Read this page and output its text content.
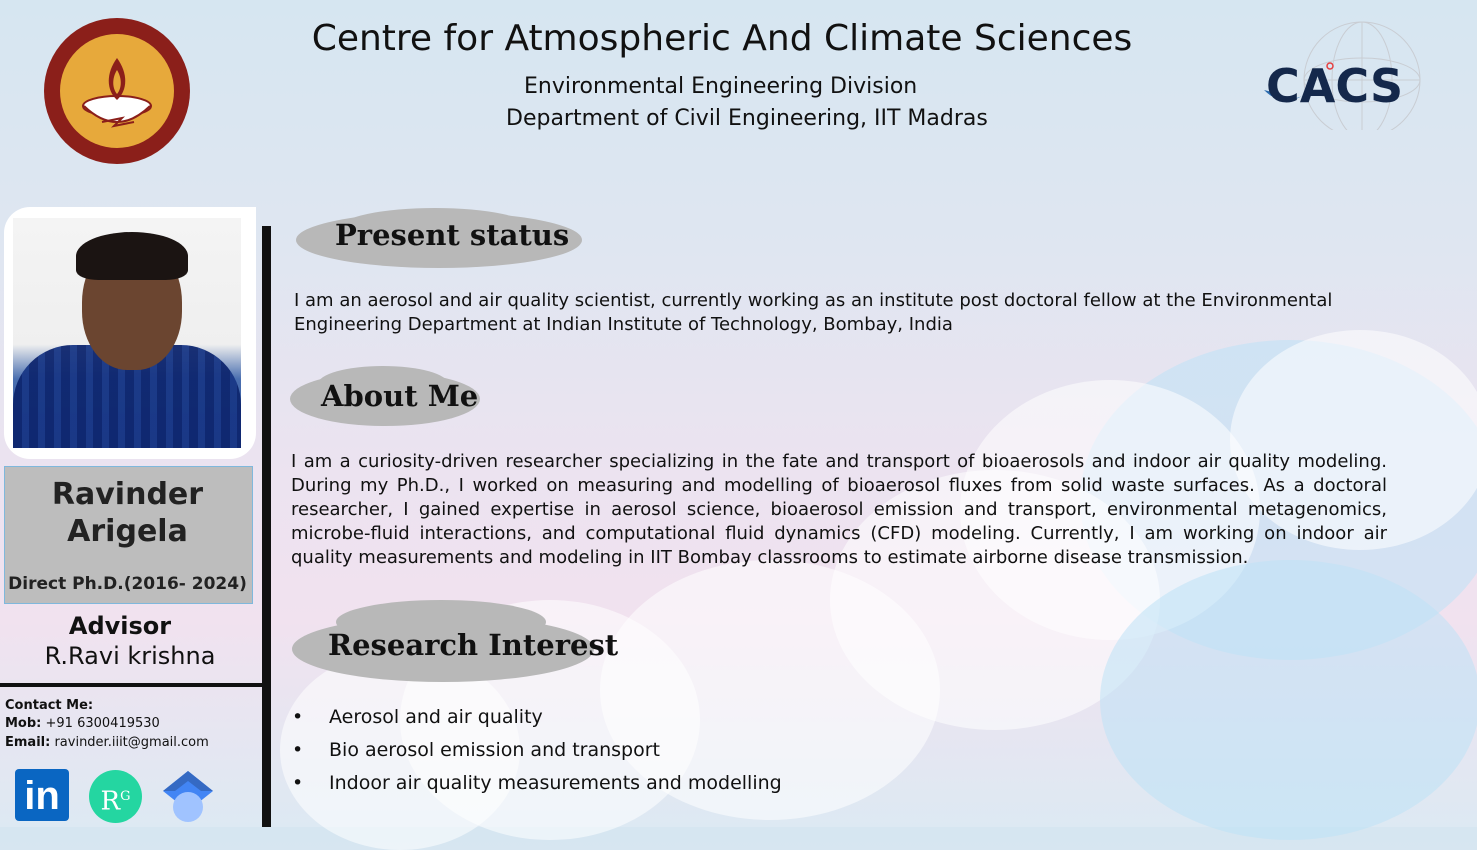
Centre for Atmospheric And Climate Sciences
Environmental Engineering Division
Department of Civil Engineering, IIT Madras
CACS
Ravinder
Arigela
Direct Ph.D.(2016- 2024)
Advisor
R.Ravi krishna
Contact Me:
Mob: +91 6300419530
Email: ravinder.iiit@gmail.com
in	$R^G$
Present status
I am an aerosol and air quality scientist, currently working as an institute post doctoral fellow at the Environmental Engineering Department at Indian Institute of Technology, Bombay, India
About Me
I am a curiosity-driven researcher specializing in the fate and transport of bioaerosols and indoor air quality modeling. During my Ph.D., I worked on measuring and modelling of bioaerosol fluxes from solid waste surfaces. As a doctoral researcher, I gained expertise in aerosol science, bioaerosol emission and transport, environmental metagenomics, microbe-fluid interactions, and computational fluid dynamics (CFD) modeling. Currently, I am working on indoor air quality measurements and modeling in IIT Bombay classrooms to estimate airborne disease transmission.
Research Interest
• Aerosol and air quality
• Bio aerosol emission and transport
• Indoor air quality measurements and modelling
